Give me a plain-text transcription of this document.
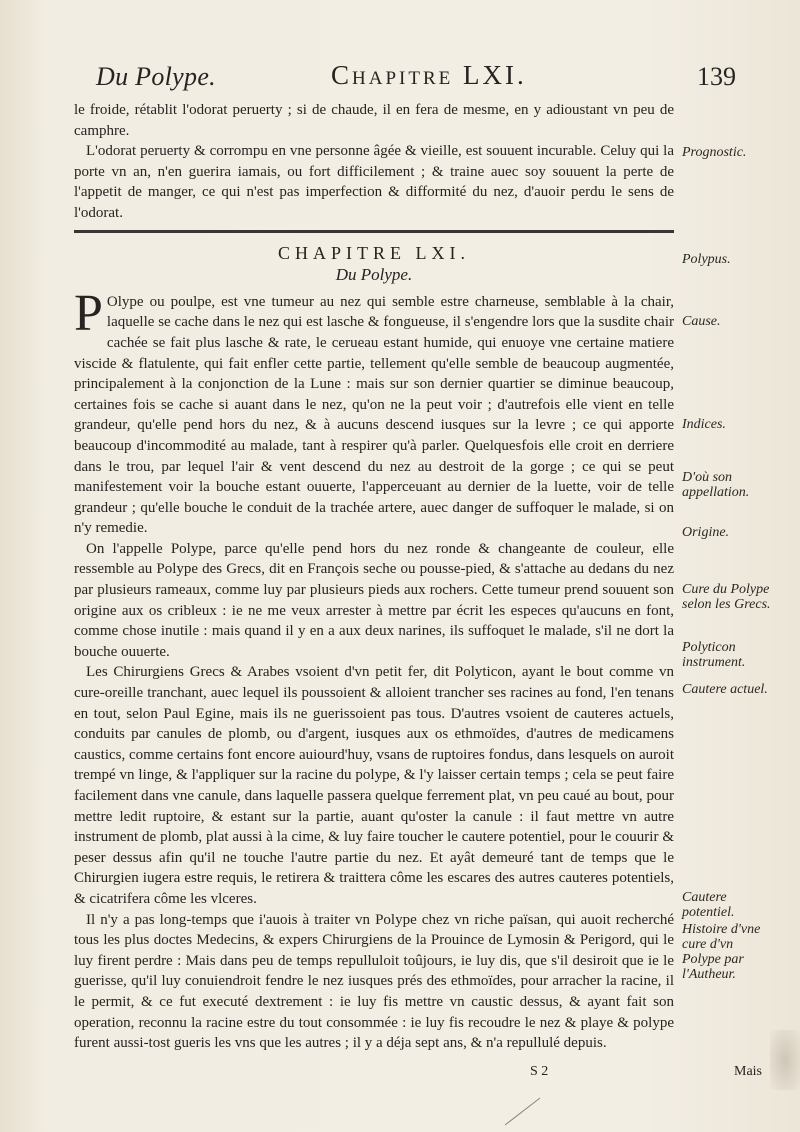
Du Polype.	Chapitre LXI.	139

le froide, rétablit l'odorat peruerty ; si de chaude, il en fera de mesme, en y adioustant vn peu de camphre.

L'odorat peruerty & corrompu en vne personne âgée & vieille, est souuent incurable. Celuy qui la porte vn an, n'en guerira iamais, ou fort difficilement ; & traine auec soy souuent la perte de l'appetit de manger, ce qui n'est pas imperfection & difformité du nez, d'auoir perdu le sens de l'odorat.

CHAPITRE LXI.
Du Polype.

P Olype ou poulpe, est vne tumeur au nez qui semble estre charneuse, semblable à la chair, laquelle se cache dans le nez qui est lasche & fongueuse, il s'engendre lors que la susdite chair cachée se fait plus lasche & rate, le cerueau estant humide, qui enuoye vne certaine matiere viscide & flatulente, qui fait enfler cette partie, tellement qu'elle semble de beaucoup augmentée, principalement à la conjonction de la Lune : mais sur son dernier quartier se diminue beaucoup, certaines fois se cache si auant dans le nez, qu'on ne la peut voir ; d'autrefois elle vient en telle grandeur, qu'elle pend hors du nez, & à aucuns descend iusques sur la levre ; ce qui apporte beaucoup d'incommodité au malade, tant à respirer qu'à parler. Quelquesfois elle croit en derriere dans le trou, par lequel l'air & vent descend du nez au destroit de la gorge ; ce qui se peut manifestement voir la bouche estant ouuerte, l'apperceuant au dernier de la luette, voir de telle grandeur ; qu'elle bouche le conduit de la trachée artere, auec danger de suffoquer le malade, si on n'y remedie.

On l'appelle Polype, parce qu'elle pend hors du nez ronde & changeante de couleur, elle ressemble au Polype des Grecs, dit en François seche ou pousse-pied, & s'attache au dedans du nez par plusieurs rameaux, comme luy par plusieurs pieds aux rochers. Cette tumeur prend souuent son origine aux os cribleux : ie ne me veux arrester à mettre par écrit les especes qu'aucuns en font, comme chose inutile : mais quand il y en a aux deux narines, ils suffoquet le malade, s'il ne dort la bouche ouuerte.

Les Chirurgiens Grecs & Arabes vsoient d'vn petit fer, dit Polyticon, ayant le bout comme vn cure-oreille tranchant, auec lequel ils poussoient & alloient trancher ses racines au fond, l'en tenans en tout, selon Paul Egine, mais ils ne guerissoient pas tous. D'autres vsoient de cauteres actuels, conduits par canules de plomb, ou d'argent, iusques aux os ethmoïdes, d'autres de medicamens caustics, comme certains font encore auiourd'huy, vsans de ruptoires fondus, dans lesquels on auroit trempé vn linge, & l'appliquer sur la racine du polype, & l'y laisser certain temps ; cela se peut faire facilement dans vne canule, dans laquelle passera quelque ferrement plat, vn peu caué au bout, pour mettre ledit ruptoire, & estant sur la partie, auant qu'oster la canule : il faut mettre vn autre instrument de plomb, plat aussi à la cime, & luy faire toucher le cautere potentiel, pour le couurir & peser dessus afin qu'il ne touche l'autre partie du nez. Et ayât demeuré tant de temps que le Chirurgien iugera estre requis, le retirera & traittera côme les escares des autres cauteres potentiels, & cicatrifera côme les vlceres.

Il n'y a pas long-temps que i'auois à traiter vn Polype chez vn riche païsan, qui auoit recherché tous les plus doctes Medecins, & expers Chirurgiens de la Prouince de Lymosin & Perigord, qui le luy firent perdre : Mais dans peu de temps repulluloit toûjours, ie luy dis, que s'il desiroit que ie le guerisse, qu'il luy conuiendroit fendre le nez iusques prés des ethmoïdes, pour arracher la racine, il le permit, & ce fut executé dextrement : ie luy fis mettre vn caustic dessus, & ayant fait son operation, reconnu la racine estre du tout consommée : ie luy fis recoudre le nez & playe & polype furent aussi-tost gueris les vns que les autres ; il y a déja sept ans, & n'a repullulé depuis.

Prognostic.
Polypus.
Cause.
Indices.
D'où son appellation.
Origine.
Cure du Polype selon les Grecs.
Polyticon instrument.
Cautere actuel.
Cautere potentiel.
Histoire d'vne cure d'vn Polype par l'Autheur.
S 2	Mais
